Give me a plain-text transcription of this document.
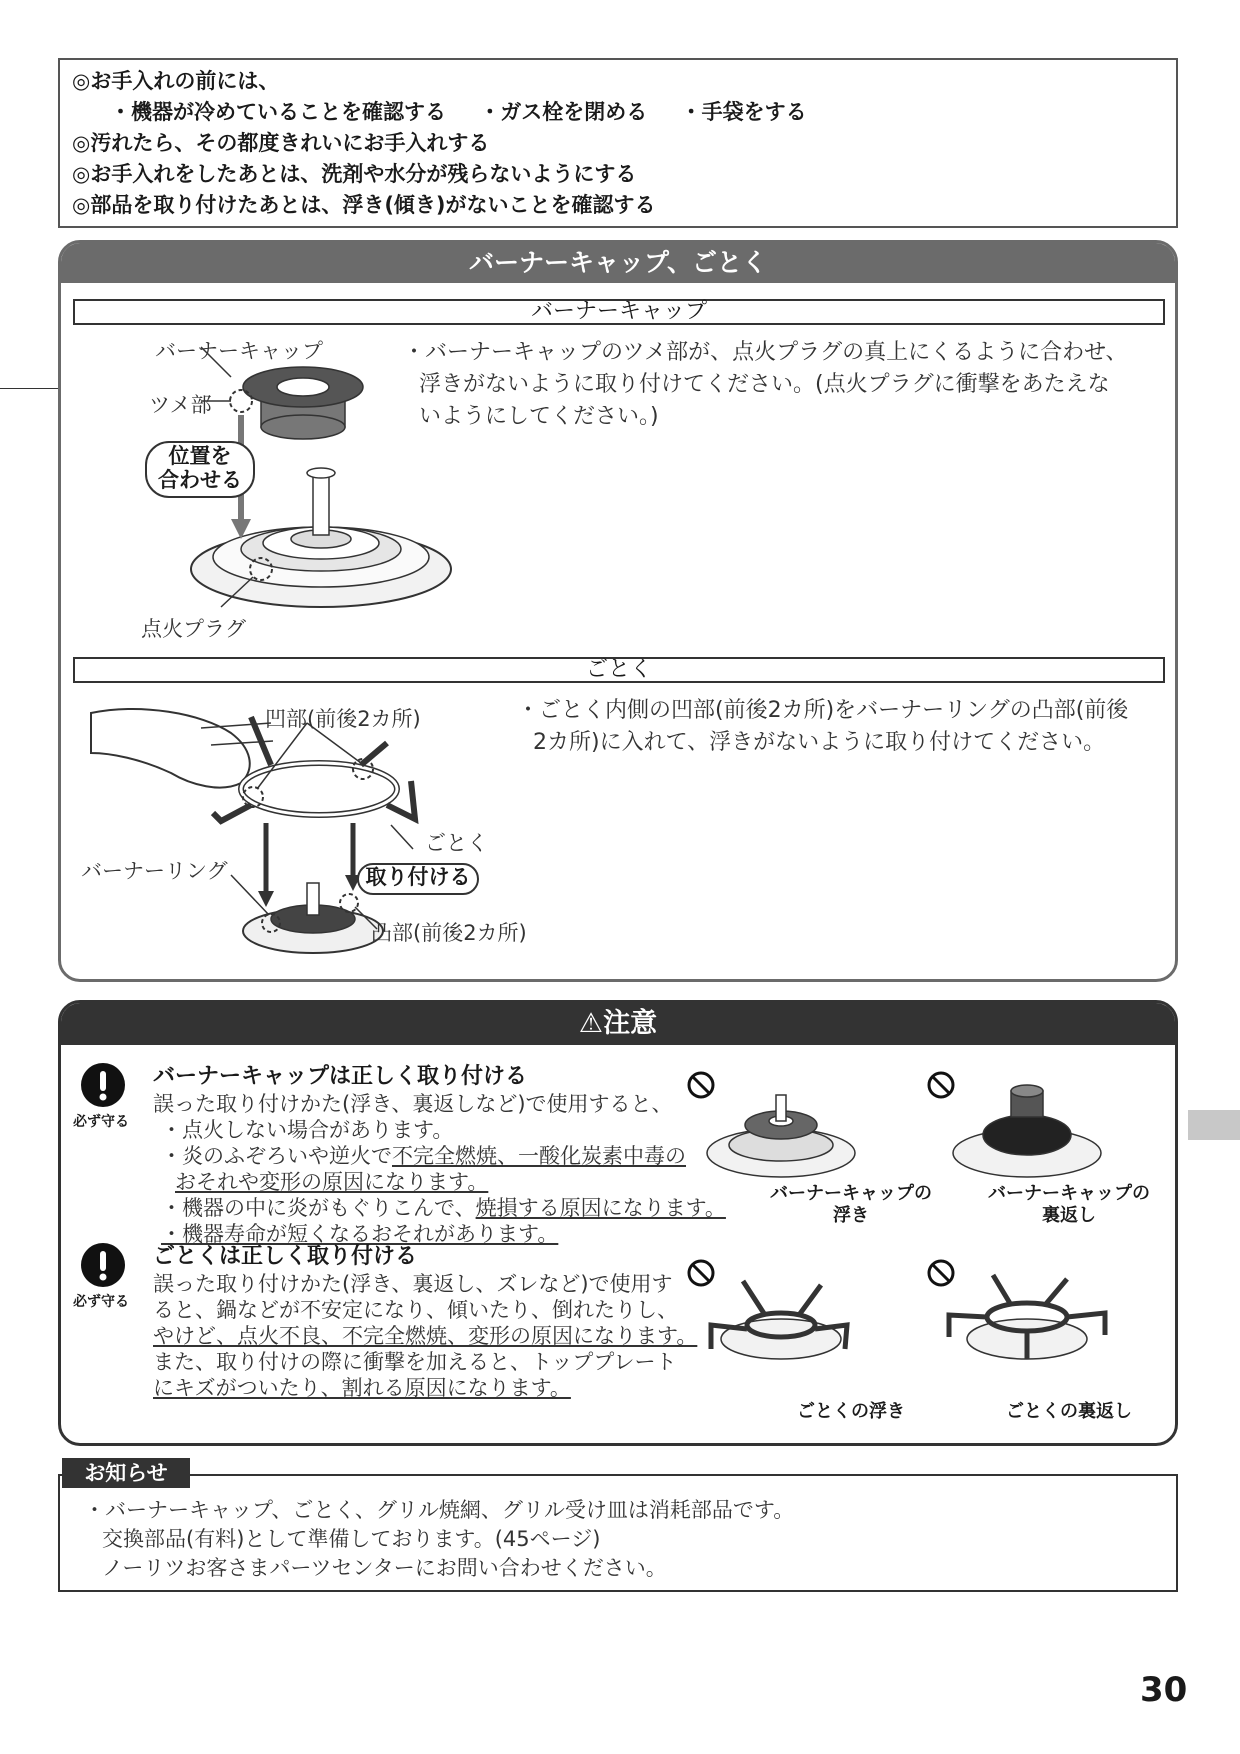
◎お手入れの前には、
・機器が冷めていることを確認する ・ガス栓を閉める ・手袋をする
◎汚れたら、その都度きれいにお手入れする
◎お手入れをしたあとは、洗剤や水分が残らないようにする
◎部品を取り付けたあとは、浮き(傾き)がないことを確認する
バーナーキャップ、ごとく
バーナーキャップ
バーナーキャップ
ツメ部
位置を
合わせる
点火プラグ
・バーナーキャップのツメ部が、点火プラグの真上にくるように合わせ、
浮きがないように取り付けてください。(点火プラグに衝撃をあたえな
いようにしてください。)
ごとく
凹部(前後2カ所)
ごとく
バーナーリング	取り付ける
凸部(前後2カ所)
・ごとく内側の凹部(前後2カ所)をバーナーリングの凸部(前後
2カ所)に入れて、浮きがないように取り付けてください。
⚠注意
必ず守る
バーナーキャップは正しく取り付ける
誤った取り付けかた(浮き、裏返しなど)で使用すると、
・点火しない場合があります。
・炎のふぞろいや逆火で不完全燃焼、一酸化炭素中毒の
おそれや変形の原因になります。
・機器の中に炎がもぐりこんで、焼損する原因になります。
・機器寿命が短くなるおそれがあります。
必ず守る
ごとくは正しく取り付ける
誤った取り付けかた(浮き、裏返し、ズレなど)で使用す
ると、鍋などが不安定になり、傾いたり、倒れたりし、
やけど、点火不良、不完全燃焼、変形の原因になります。
また、取り付けの際に衝撃を加えると、トッププレート
にキズがついたり、割れる原因になります。
バーナーキャップの
浮き
バーナーキャップの
裏返し
ごとくの浮き	ごとくの裏返し
・バーナーキャップ、ごとく、グリル焼網、グリル受け皿は消耗部品です。
交換部品(有料)として準備しております。(45ページ)
ノーリツお客さまパーツセンターにお問い合わせください。
お知らせ
30
